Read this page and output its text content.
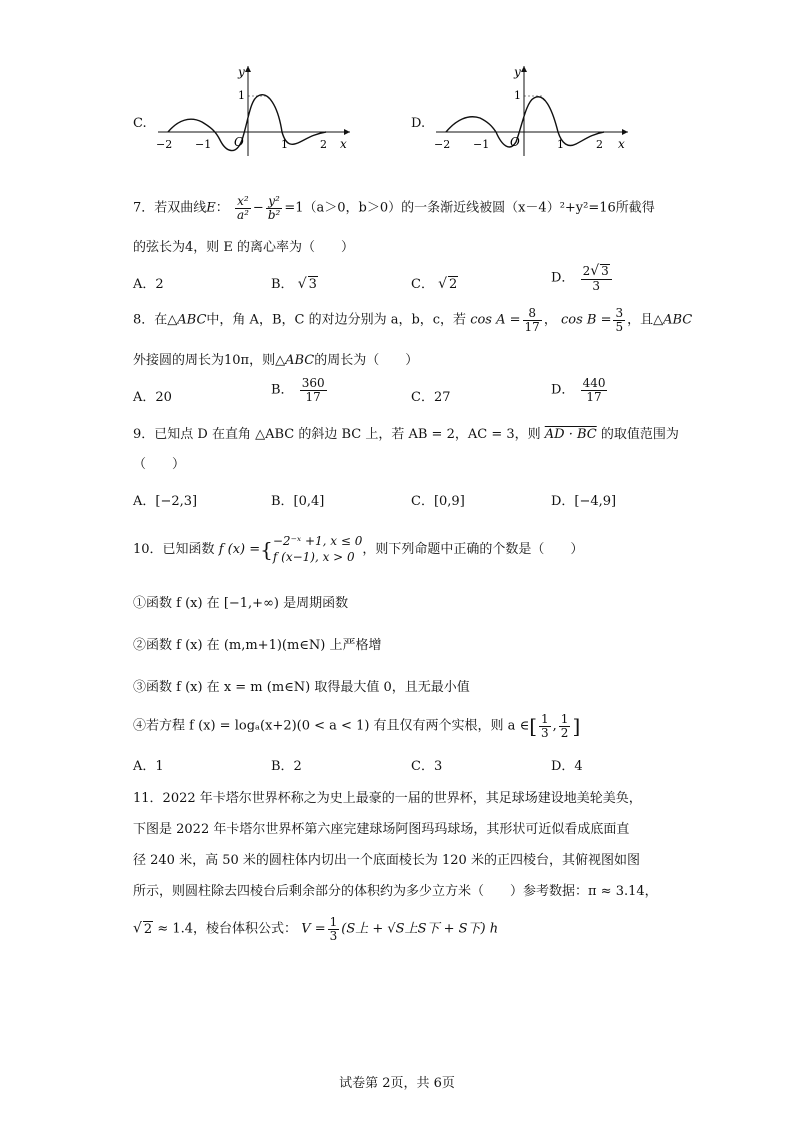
C.
y
1
O	x
−2 −1	1	2
D.
y
1
O	x
−2 −1	1	2
7．若双曲线E： $\frac{\text{x²}}{\text{a²}} - \frac{\text{y²}}{\text{b²}} =1(a>0$，b＞0）的一条渐近线被圆（x－4）²+y²=16所截得
的弦长为4，则 E 的离心率为（　　）
A．2	B． √ 3	C． √ 2	D． $\frac{2√ 3}{3}$
8．在△ABC中，角 A，B，C 的对边分别为 a，b，c，若 $\cos A = \frac{8}{17}$ ， $\cos B = \frac{3}{5}$ ，且△ABC
外接圆的周长为10π，则△ABC的周长为（　　）
A．20	B． $\frac{360}{17}$	C．27	D． $\frac{440}{17}$
9．已知点 D 在直角 △ABC 的斜边 BC 上，若 AB = 2，AC = 3，则 AD · BC 的取值范围为
（　　）
A．[−2,3]	B．[0,4]	C．[0,9]	D．[−4,9]
10．已知函数 f (x) ={ −2⁻ˣ +1, x ≤ 0
f (x−1), x > 0 ，则下列命题中正确的个数是（　　）
①函数 f (x) 在 [−1,+∞) 是周期函数
②函数 f (x) 在 (m,m+1)(m∈N) 上严格增
③函数 f (x) 在 x = m (m∈N) 取得最大值 0，且无最小值
④若方程 f (x) = logₐ(x+2)(0 < a < 1) 有且仅有两个实根，则 a ∈[ $\frac{1}{3}$ , $\frac{1}{2}$ ]
A．1	B．2	C．3	D．4
11．2022 年卡塔尔世界杯称之为史上最豪的一届的世界杯，其足球场建设地美轮美奂，
下图是 2022 年卡塔尔世界杯第六座完建球场阿图玛玛球场，其形状可近似看成底面直
径 240 米，高 50 米的圆柱体内切出一个底面棱长为 120 米的正四棱台，其俯视图如图
所示，则圆柱除去四棱台后剩余部分的体积约为多少立方米（　　）参考数据：π ≈ 3.14，
√ 2 ≈ 1.4，棱台体积公式： $V = \frac{1}{3} (S$上 + √S上S下 + S下) h
试卷第 2页，共 6页
